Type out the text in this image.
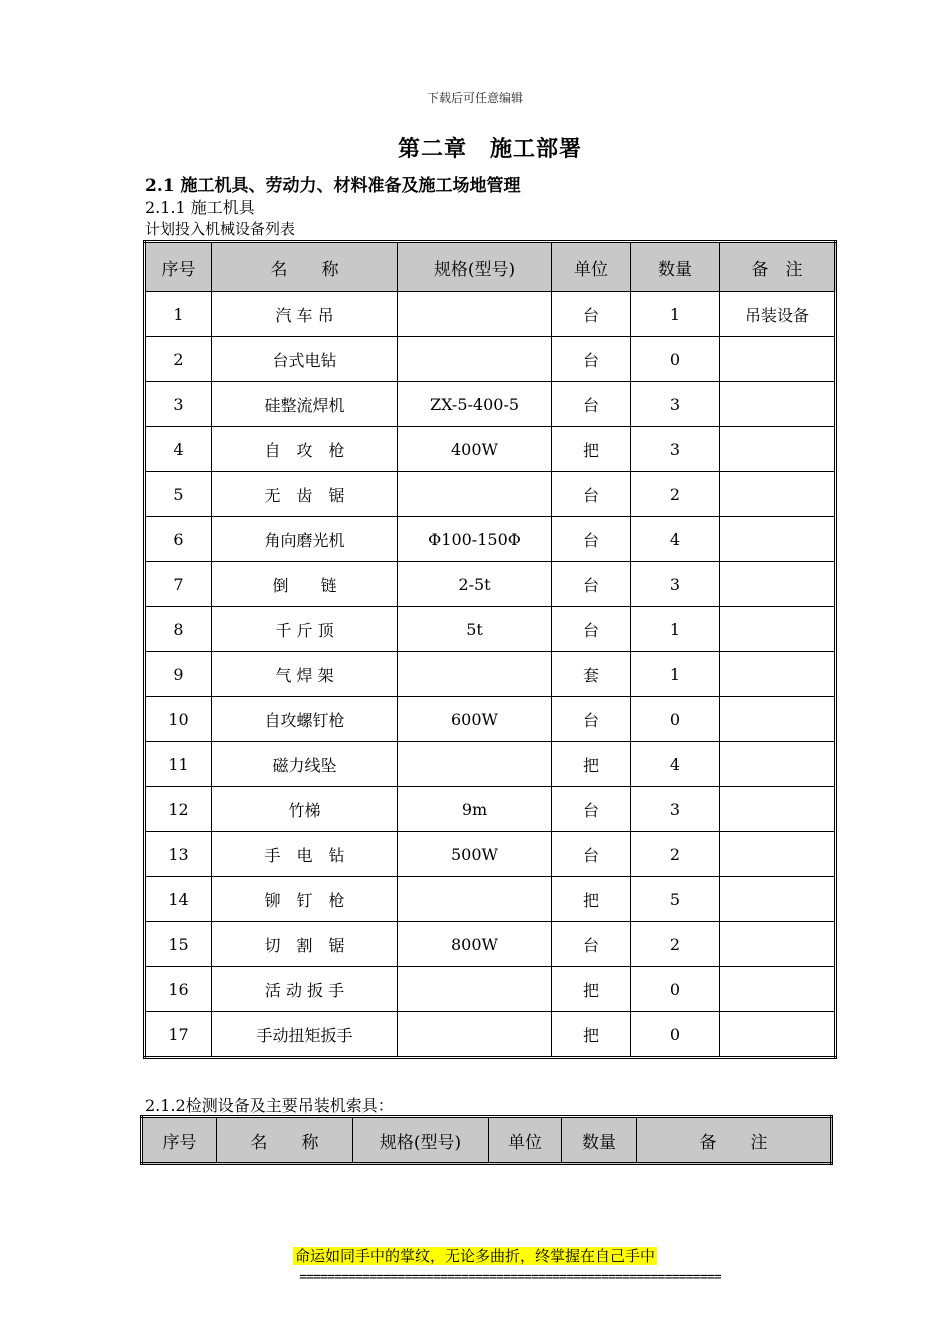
下载后可任意编辑
第二章　施工部署
2.1 施工机具、劳动力、材料准备及施工场地管理
2.1.1 施工机具
计划投入机械设备列表
序号	名　　称	规格(型号)	单位	数量	备　注
1	汽 车 吊		台	1	吊装设备
2	台式电钻		台	0	
3	硅整流焊机	ZX-5-400-5	台	3	
4	自　攻　枪	400W	把	3	
5	无　齿　锯		台	2	
6	角向磨光机	Φ100-150Φ	台	4	
7	倒　　链	2-5t	台	3	
8	千 斤 顶	5t	台	1	
9	气 焊 架		套	1	
10	自攻螺钉枪	600W	台	0	
11	磁力线坠		把	4	
12	竹梯	9m	台	3	
13	手　电　钻	500W	台	2	
14	铆　钉　枪		把	5	
15	切　割　锯	800W	台	2	
16	活 动 扳 手		把	0	
17	手动扭矩扳手		把	0	
2.1.2检测设备及主要吊装机索具：
序号	名　　称	规格(型号)	单位	数量	备　　注
命运如同手中的掌纹，无论多曲折，终掌握在自己手中
============================================================
